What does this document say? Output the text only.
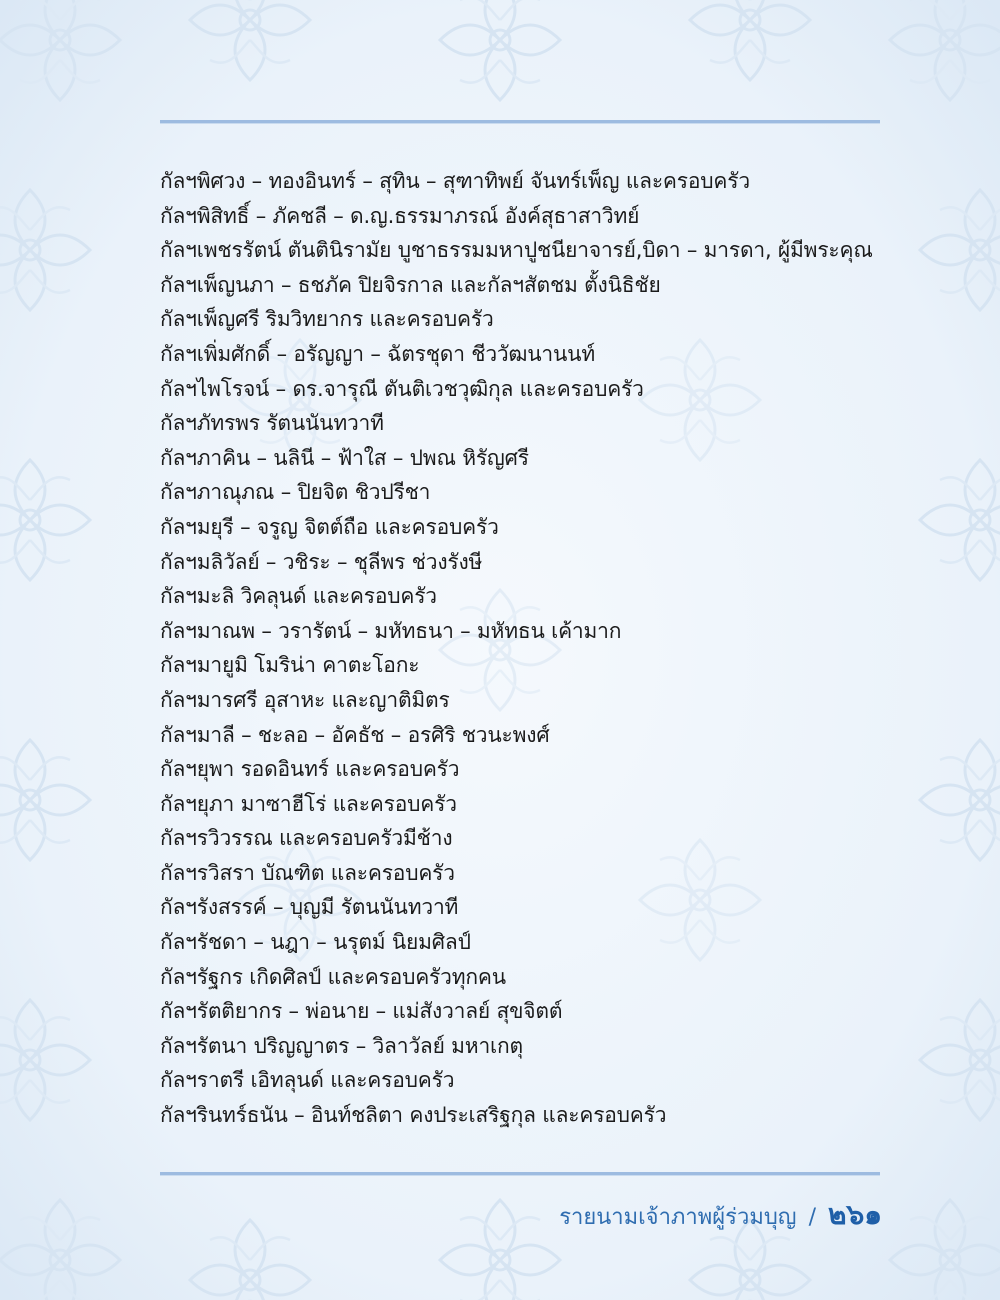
กัลฯพิศวง – ทองอินทร์ – สุทิน – สุฑาทิพย์ จันทร์เพ็ญ และครอบครัว
กัลฯพิสิทธิ์ – ภัคชลี – ด.ญ.ธรรมาภรณ์ อังค์สุธาสาวิทย์
กัลฯเพชรรัตน์ ตันตินิรามัย บูชาธรรมมหาปูชนียาจารย์,บิดา – มารดา, ผู้มีพระคุณ
กัลฯเพ็ญนภา – ธชภัค ปิยจิรกาล และกัลฯสัตชม ตั้งนิธิชัย
กัลฯเพ็ญศรี ริมวิทยากร และครอบครัว
กัลฯเพิ่มศักดิ์ – อรัญญา – ฉัตรชุดา ชีววัฒนานนท์
กัลฯไพโรจน์ – ดร.จารุณี ตันติเวชวุฒิกุล และครอบครัว
กัลฯภัทรพร รัตนนันทวาที
กัลฯภาคิน – นลินี – ฟ้าใส – ปพณ หิรัญศรี
กัลฯภาณุภณ – ปิยจิต ชิวปรีชา
กัลฯมยุรี – จรูญ จิตต์ถือ และครอบครัว
กัลฯมลิวัลย์ – วชิระ – ชุลีพร ช่วงรังษี
กัลฯมะลิ วิคลุนด์ และครอบครัว
กัลฯมาณพ – วรารัตน์ – มหัทธนา – มหัทธน เค้ามาก
กัลฯมายูมิ โมริน่า คาตะโอกะ
กัลฯมารศรี อุสาหะ และญาติมิตร
กัลฯมาลี – ชะลอ – อัคธัช – อรศิริ ชวนะพงศ์
กัลฯยุพา รอดอินทร์ และครอบครัว
กัลฯยุภา มาซาฮีโร่ และครอบครัว
กัลฯรวิวรรณ และครอบครัวมีช้าง
กัลฯรวิสรา บัณฑิต และครอบครัว
กัลฯรังสรรค์ – บุญมี รัตนนันทวาที
กัลฯรัชดา – นฎา – นรุตม์ นิยมศิลป์
กัลฯรัฐกร เกิดศิลป์ และครอบครัวทุกคน
กัลฯรัตติยากร – พ่อนาย – แม่สังวาลย์ สุขจิตต์
กัลฯรัตนา ปริญญาตร – วิลาวัลย์ มหาเกตุ
กัลฯราตรี เอิทลุนด์ และครอบครัว
กัลฯรินทร์ธนัน – อินท์ชลิตา คงประเสริฐกุล และครอบครัว
รายนามเจ้าภาพผู้ร่วมบุญ / ๒๖๑
